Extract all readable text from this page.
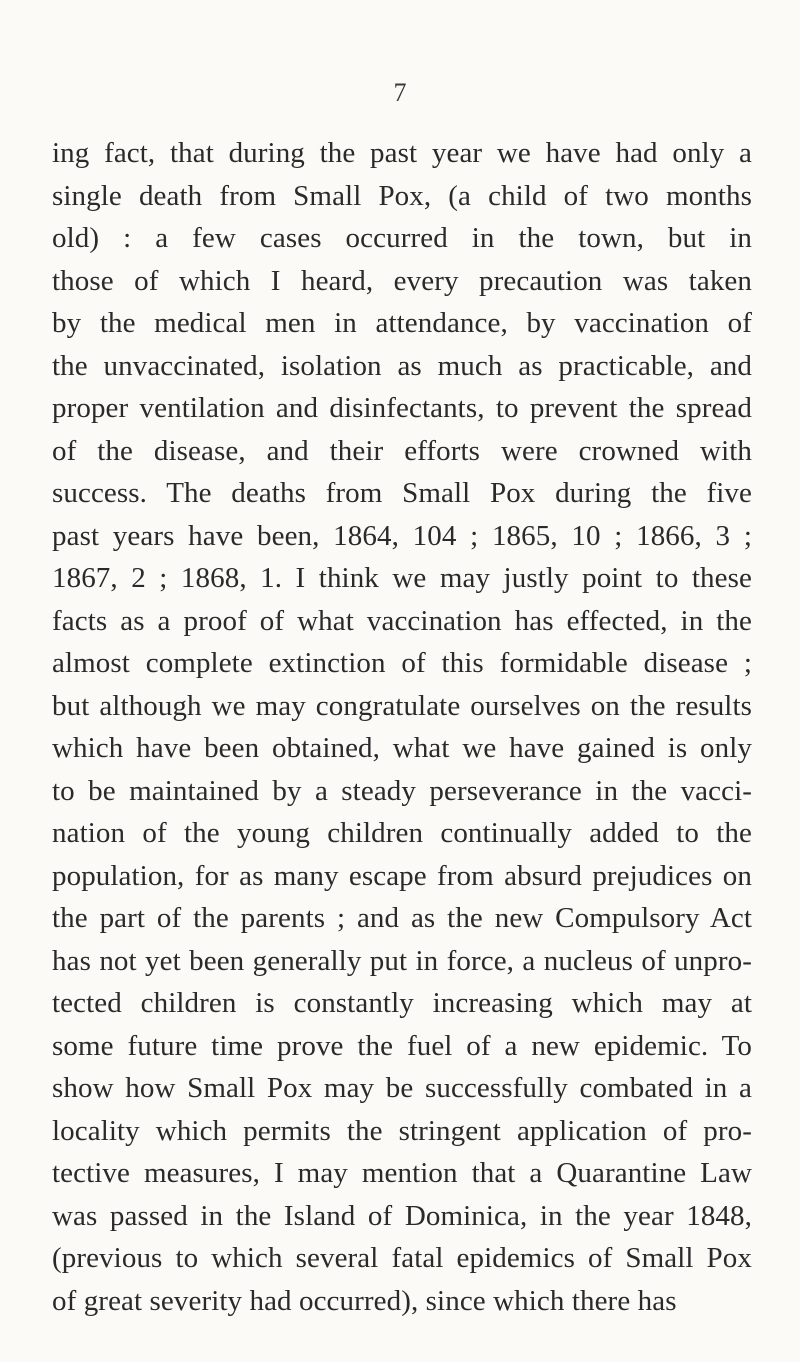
7
ing fact, that during the past year we have had only a
single death from Small Pox, (a child of two months
old) : a few cases occurred in the town, but in
those of which I heard, every precaution was taken
by the medical men in attendance, by vaccination of
the unvaccinated, isolation as much as practicable, and
proper ventilation and disinfectants, to prevent the spread
of the disease, and their efforts were crowned with
success. The deaths from Small Pox during the five
past years have been, 1864, 104 ; 1865, 10 ; 1866, 3 ;
1867, 2 ; 1868, 1. I think we may justly point to these
facts as a proof of what vaccination has effected, in the
almost complete extinction of this formidable disease ;
but although we may congratulate ourselves on the results
which have been obtained, what we have gained is only
to be maintained by a steady perseverance in the vacci-
nation of the young children continually added to the
population, for as many escape from absurd prejudices on
the part of the parents ; and as the new Compulsory Act
has not yet been generally put in force, a nucleus of unpro-
tected children is constantly increasing which may at
some future time prove the fuel of a new epidemic. To
show how Small Pox may be successfully combated in a
locality which permits the stringent application of pro-
tective measures, I may mention that a Quarantine Law
was passed in the Island of Dominica, in the year 1848,
(previous to which several fatal epidemics of Small Pox
of great severity had occurred), since which there has
